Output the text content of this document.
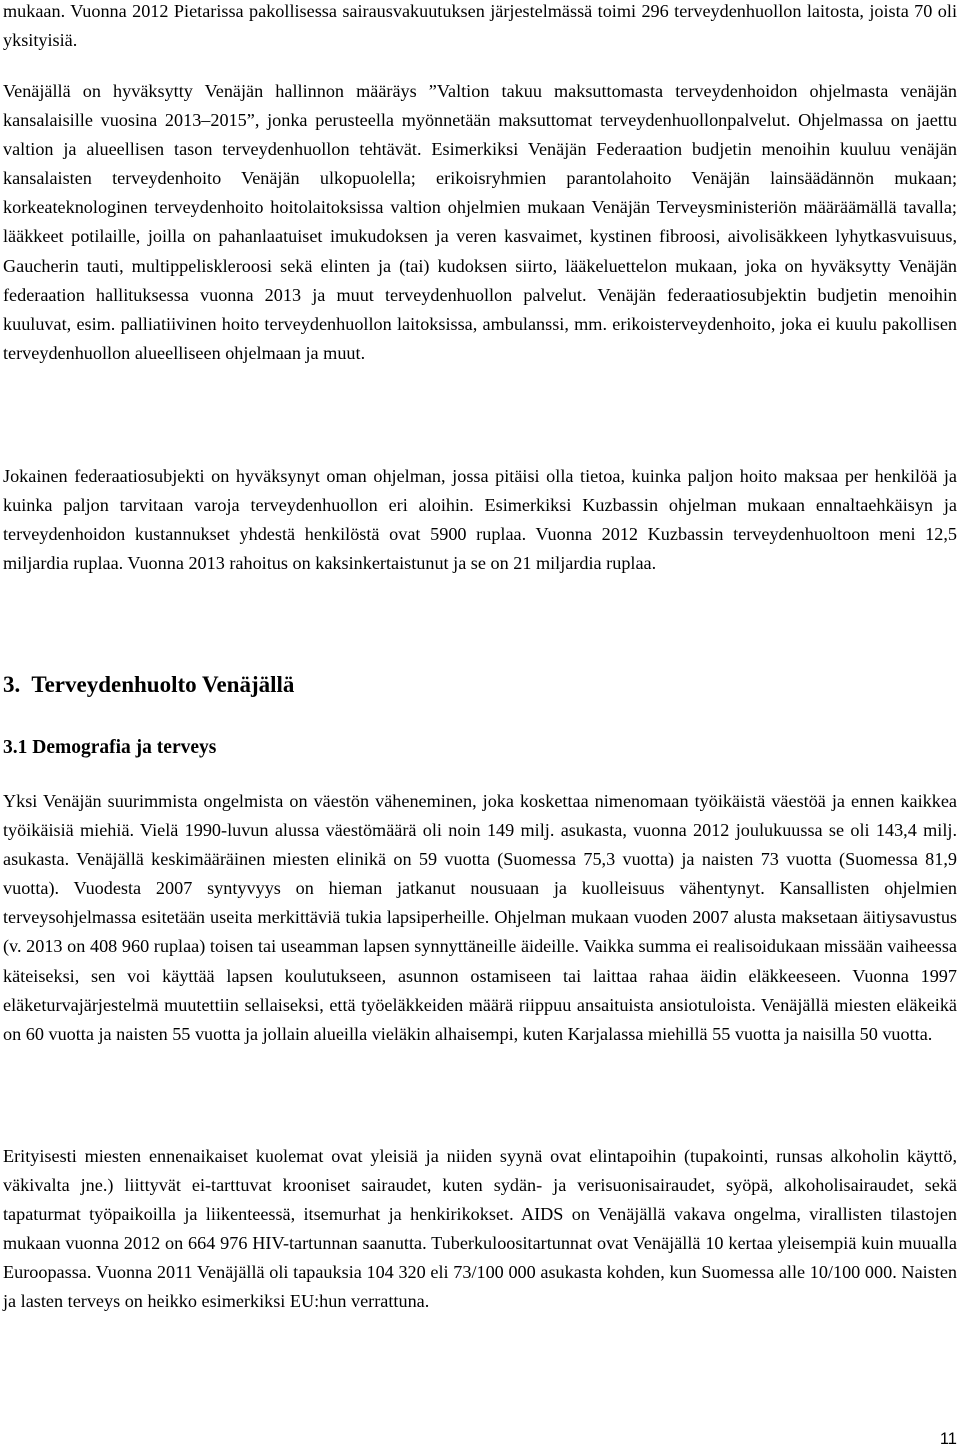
mukaan. Vuonna 2012 Pietarissa pakollisessa sairausvakuutuksen järjestelmässä toimi 296 terveydenhuollon laitosta, joista 70 oli yksityisiä.

Venäjällä on hyväksytty Venäjän hallinnon määräys ”Valtion takuu maksuttomasta terveydenhoidon ohjelmasta venäjän kansalaisille vuosina 2013–2015”, jonka perusteella myönnetään maksuttomat terveydenhuollonpalvelut. Ohjelmassa on jaettu valtion ja alueellisen tason terveydenhuollon tehtävät. Esimerkiksi Venäjän Federaation budjetin menoihin kuuluu venäjän kansalaisten terveydenhoito Venäjän ulkopuolella; erikoisryhmien parantolahoito Venäjän lainsäädännön mukaan; korkeateknologinen terveydenhoito hoitolaitoksissa valtion ohjelmien mukaan Venäjän Terveysministeriön määräämällä tavalla; lääkkeet potilaille, joilla on pahanlaatuiset imukudoksen ja veren kasvaimet, kystinen fibroosi, aivolisäkkeen lyhytkasvuisuus, Gaucherin tauti, multippeliskleroosi sekä elinten ja (tai) kudoksen siirto, lääkeluettelon mukaan, joka on hyväksytty Venäjän federaation hallituksessa vuonna 2013 ja muut terveydenhuollon palvelut. Venäjän federaatiosubjektin budjetin menoihin kuuluvat, esim. palliatiivinen hoito terveydenhuollon laitoksissa, ambulanssi, mm. erikoisterveydenhoito, joka ei kuulu pakollisen terveydenhuollon alueelliseen ohjelmaan ja muut.

Jokainen federaatiosubjekti on hyväksynyt oman ohjelman, jossa pitäisi olla tietoa, kuinka paljon hoito maksaa per henkilöä ja kuinka paljon tarvitaan varoja terveydenhuollon eri aloihin. Esimerkiksi Kuzbassin ohjelman mukaan ennaltaehkäisyn ja terveydenhoidon kustannukset yhdestä henkilöstä ovat 5900 ruplaa. Vuonna 2012 Kuzbassin terveydenhuoltoon meni 12,5 miljardia ruplaa. Vuonna 2013 rahoitus on kaksinkertaistunut ja se on 21 miljardia ruplaa.

3.  Terveydenhuolto Venäjällä
3.1 Demografia ja terveys

Yksi Venäjän suurimmista ongelmista on väestön väheneminen, joka koskettaa nimenomaan työikäistä väestöä ja ennen kaikkea työikäisiä miehiä. Vielä 1990-luvun alussa väestömäärä oli noin 149 milj. asukasta, vuonna 2012 joulukuussa se oli 143,4 milj. asukasta. Venäjällä keskimääräinen miesten elinikä on 59 vuotta (Suomessa 75,3 vuotta) ja naisten 73 vuotta (Suomessa 81,9 vuotta). Vuodesta 2007 syntyvyys on hieman jatkanut nousuaan ja kuolleisuus vähentynyt. Kansallisten ohjelmien terveysohjelmassa esitetään useita merkittäviä tukia lapsiperheille. Ohjelman mukaan vuoden 2007 alusta maksetaan äitiysavustus (v. 2013 on 408 960 ruplaa) toisen tai useamman lapsen synnyttäneille äideille. Vaikka summa ei realisoidukaan missään vaiheessa käteiseksi, sen voi käyttää lapsen koulutukseen, asunnon ostamiseen tai laittaa rahaa äidin eläkkeeseen. Vuonna 1997 eläketurvajärjestelmä muutettiin sellaiseksi, että työeläkkeiden määrä riippuu ansaituista ansiotuloista. Venäjällä miesten eläkeikä on 60 vuotta ja naisten 55 vuotta ja jollain alueilla vieläkin alhaisempi, kuten Karjalassa miehillä 55 vuotta ja naisilla 50 vuotta.

Erityisesti miesten ennenaikaiset kuolemat ovat yleisiä ja niiden syynä ovat elintapoihin (tupakointi, runsas alkoholin käyttö, väkivalta jne.) liittyvät ei-tarttuvat krooniset sairaudet, kuten sydän- ja verisuonisairaudet, syöpä, alkoholisairaudet, sekä tapaturmat työpaikoilla ja liikenteessä, itsemurhat ja henkirikokset. AIDS on Venäjällä vakava ongelma, virallisten tilastojen mukaan vuonna 2012 on 664 976 HIV-tartunnan saanutta. Tuberkuloositartunnat ovat Venäjällä 10 kertaa yleisempiä kuin muualla Euroopassa. Vuonna 2011 Venäjällä oli tapauksia 104 320 eli 73/100 000 asukasta kohden, kun Suomessa alle 10/100 000. Naisten ja lasten terveys on heikko esimerkiksi EU:hun verrattuna.

11
